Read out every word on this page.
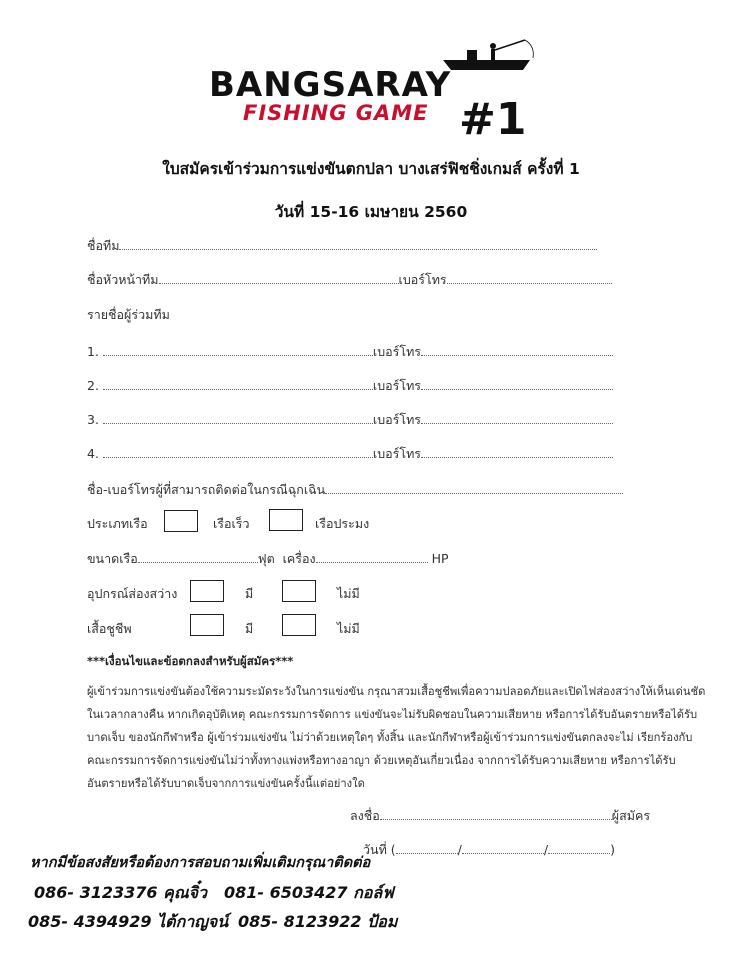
BANGSARAY
FISHING GAME #1
ใบสมัครเข้าร่วมการแข่งขันตกปลา บางเสร่ฟิชชิ่งเกมส์ ครั้งที่ 1
วันที่ 15-16 เมษายน 2560
ชื่อทีม
ชื่อหัวหน้าทีม	เบอร์โทร
รายชื่อผู้ร่วมทีม
1.	เบอร์โทร
2.	เบอร์โทร
3.	เบอร์โทร
4.	เบอร์โทร
ชื่อ-เบอร์โทรผู้ที่สามารถติดต่อในกรณีฉุกเฉิน
ประเภทเรือ	เรือเร็ว	เรือประมง
ขนาดเรือ	ฟุต เครื่อง	HP
อุปกรณ์ส่องสว่าง	มี	ไม่มี
เสื้อชูชีพ	มี	ไม่มี
***เงื่อนไขและข้อตกลงสำหรับผู้สมัคร***

ผู้เข้าร่วมการแข่งขันต้องใช้ความระมัดระวังในการแข่งขัน กรุณาสวมเสื้อชูชีพเพื่อความปลอดภัยและเปิดไฟส่องสว่างให้เห็นเด่นชัด

ในเวลากลางคืน หากเกิดอุบัติเหตุ คณะกรรมการจัดการ แข่งขันจะไม่รับผิดชอบในความเสียหาย หรือการได้รับอันตรายหรือได้รับ

บาดเจ็บ ของนักกีฬาหรือ ผู้เข้าร่วมแข่งขัน ไม่ว่าด้วยเหตุใดๆ ทั้งสิ้น และนักกีฬาหรือผู้เข้าร่วมการแข่งขันตกลงจะไม่ เรียกร้องกับ

คณะกรรมการจัดการแข่งขันไม่ว่าทั้งทางแพ่งหรือทางอาญา ด้วยเหตุอันเกี่ยวเนื่อง จากการได้รับความเสียหาย หรือการได้รับ

อันตรายหรือได้รับบาดเจ็บจากการแข่งขันครั้งนี้แต่อย่างใด

ลงชื่อ	ผู้สมัคร
วันที่ (	/	/	)
หากมีข้อสงสัยหรือต้องการสอบถามเพิ่มเติมกรุณาติดต่อ
086- 3123376 คุณจิ๋ว 081- 6503427 กอล์ฟ
085- 4394929 ไต้กาญจน์ 085- 8123922 ป้อม
